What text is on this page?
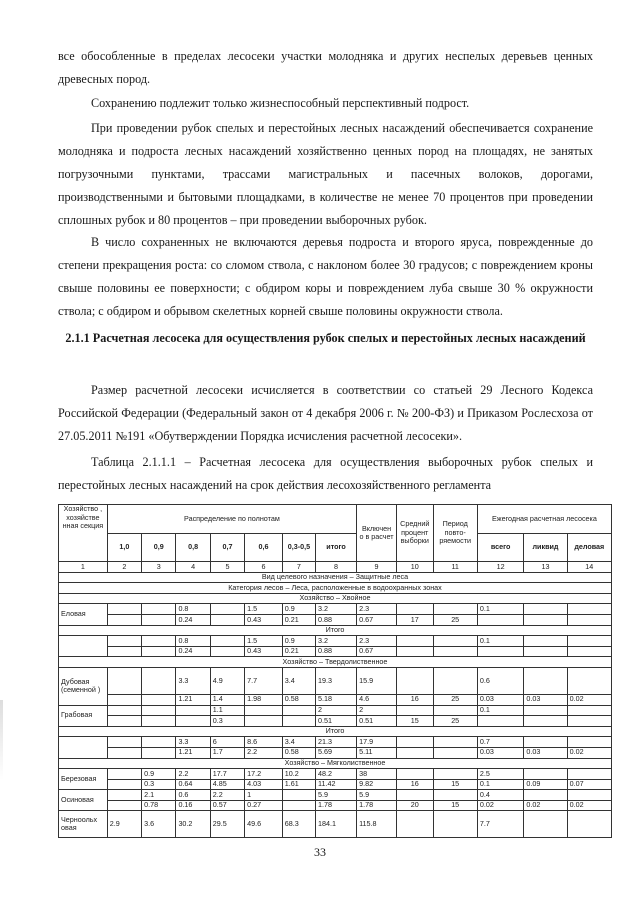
все обособленные в пределах лесосеки участки молодняка и других неспелых деревьев ценных древесных пород.

Сохранению подлежит только жизнеспособный перспективный подрост.

При проведении рубок спелых и перестойных лесных насаждений обеспечивается сохранение молодняка и подроста лесных насаждений хозяйственно ценных пород на площадях, не занятых погрузочными пунктами, трассами магистральных и пасечных волоков, дорогами, производственными и бытовыми площадками, в количестве не менее 70 процентов при проведении сплошных рубок и 80 процентов – при проведении выборочных рубок.

В число сохраненных не включаются деревья подроста и второго яруса, поврежденные до степени прекращения роста: со сломом ствола, с наклоном более 30 градусов; с повреждением кроны свыше половины ее поверхности; с обдиром коры и повреждением луба свыше 30 % окружности ствола; с обдиром и обрывом скелетных корней свыше половины окружности ствола.

2.1.1 Расчетная лесосека для осуществления рубок спелых и перестойных лесных насаждений

Размер расчетной лесосеки исчисляется в соответствии со статьей 29 Лесного Кодекса Российской Федерации (Федеральный закон от 4 декабря 2006 г. № 200-ФЗ) и Приказом Рослесхоза от 27.05.2011 №191 «Обутверждении Порядка исчисления расчетной лесосеки».

Таблица 2.1.1.1 – Расчетная лесосека для осуществления выборочных рубок спелых и перестойных лесных насаждений на срок действия лесохозяйственного регламента

Хозяйство , хозяйстве нная секция	Распределение по полнотам							Включен о в расчет	Средний процент выборки	Период повто-ряемости	Ежегодная расчетная лесосека		
	1,0	0,9	0,8	0,7	0,6	0,3-0,5	итого				всего	ликвид	деловая
1	2	3	4	5	6	7	8	9	10	11	12	13	14
Вид целевого назначения – Защитные леса													
Категория лесов – Леса, расположенные в водоохранных зонах													
Хозяйство – Хвойное													
Еловая			0.8		1.5	0.9	3.2	2.3			0.1		
			0.24		0.43	0.21	0.88	0.67	17	25			
Итого													
			0.8		1.5	0.9	3.2	2.3			0.1		
			0.24		0.43	0.21	0.88	0.67					
Хозяйство – Твердолиственное													
Дубовая (семенной )			3.3	4.9	7.7	3.4	19.3	15.9			0.6		
			1.21	1.4	1.98	0.58	5.18	4.6	16	25	0.03	0.03	0.02
Грабовая				1.1			2	2			0.1		
				0.3			0.51	0.51	15	25			
Итого													
			3.3	6	8.6	3.4	21.3	17.9			0.7		
			1.21	1.7	2.2	0.58	5.69	5.11			0.03	0.03	0.02
Хозяйство – Мягколиственное													
Березовая		0.9	2.2	17.7	17.2	10.2	48.2	38			2.5		
		0.3	0.64	4.85	4.03	1.61	11.42	9.82	16	15	0.1	0.09	0.07
Осиновая		2.1	0.6	2.2	1		5.9	5.9			0.4		
		0.78	0.16	0.57	0.27		1.78	1.78	20	15	0.02	0.02	0.02
Черноольх овая	2.9	3.6	30.2	29.5	49.6	68.3	184.1	115.8			7.7		
33
